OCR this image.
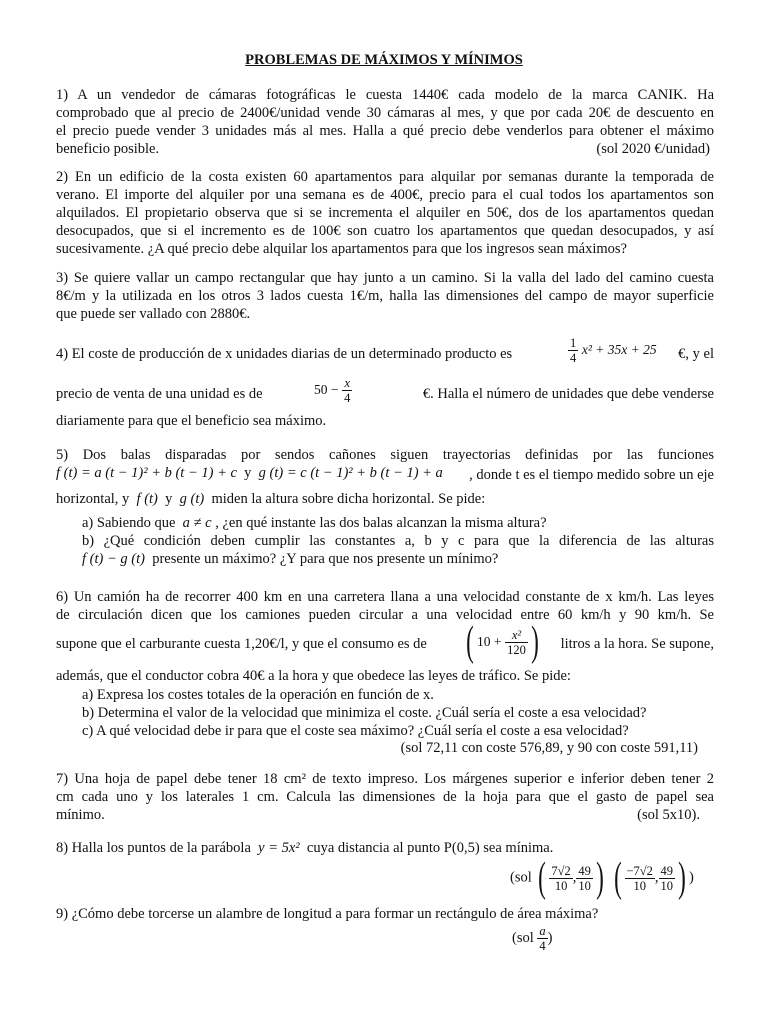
PROBLEMAS DE MÁXIMOS Y MÍNIMOS

1) A un vendedor de cámaras fotográficas le cuesta 1440€ cada modelo de la marca CANIK. Ha

comprobado que al precio de 2400€/unidad vende 30 cámaras al mes, y que por cada 20€ de descuento en

el precio puede vender 3 unidades más al mes. Halla a qué precio debe venderlos para obtener el máximo

beneficio posible.	(sol 2020 €/unidad)

2) En un edificio de la costa existen 60 apartamentos para alquilar por semanas durante la temporada de

verano. El importe del alquiler por una semana es de 400€, precio para el cual todos los apartamentos son

alquilados. El propietario observa que si se incrementa el alquiler en 50€, dos de los apartamentos quedan

desocupados, que si el incremento es de 100€ son cuatro los apartamentos que quedan desocupados, y así

sucesivamente. ¿A qué precio debe alquilar los apartamentos para que los ingresos sean máximos?

3) Se quiere vallar un campo rectangular que hay junto a un camino. Si la valla del lado del camino cuesta

8€/m y la utilizada en los otros 3 lados cuesta 1€/m, halla las dimensiones del campo de mayor superficie

que puede ser vallado con 2880€.

4) El coste de producción de x unidades diarias de un determinado producto es	$\frac{1}{4} x^2 + 35x + 25$ €, y el
precio de venta de una unidad es de	$50 - \frac{x}{4}$	€. Halla el número de unidades que debe venderse
diariamente para que el beneficio sea máximo.
5) Dos balas disparadas por sendos cañones siguen trayectorias definidas por las funciones
f (t) = a (t − 1)² + b (t − 1) + c y g (t) = c (t − 1)² + b (t − 1) + a , donde t es el tiempo medido sobre un eje
horizontal, y f (t) y g (t) miden la altura sobre dicha horizontal. Se pide:
a) Sabiendo que a ≠ c , ¿en qué instante las dos balas alcanzan la misma altura?
b) ¿Qué condición deben cumplir las constantes a, b y c para que la diferencia de las alturas
f (t) − g (t) presente un máximo? ¿Y para que nos presente un mínimo?

6) Un camión ha de recorrer 400 km en una carretera llana a una velocidad constante de x km/h. Las leyes

de circulación dicen que los camiones pueden circular a una velocidad entre 60 km/h y 90 km/h. Se

supone que el carburante cuesta 1,20€/l, y que el consumo es de ( $10 + \frac{\text{x²}}{120}$ ) litros a la hora. Se supone,
además, que el conductor cobra 40€ a la hora y que obedece las leyes de tráfico. Se pide:
a) Expresa los costes totales de la operación en función de x.
b) Determina el valor de la velocidad que minimiza el coste. ¿Cuál sería el coste a esa velocidad?
c) A qué velocidad debe ir para que el coste sea máximo? ¿Cuál sería el coste a esa velocidad?
(sol 72,11 con coste 576,89, y 90 con coste 591,11)

7) Una hoja de papel debe tener 18 cm² de texto impreso. Los márgenes superior e inferior deben tener 2

cm cada uno y los laterales 1 cm. Calcula las dimensiones de la hoja para que el gasto de papel sea

mínimo.	(sol 5x10).

8) Halla los puntos de la parábola y = 5x² cuya distancia al punto P(0,5) sea mínima.
(sol ( $\frac{7√2}{10}$ , $\frac{49}{10}$ ) ( $\frac{-7√2}{10}$ , $\frac{49}{10}$ ) )
9) ¿Cómo debe torcerse un alambre de longitud a para formar un rectángulo de área máxima?
($sol \frac{a}{4}$ )
